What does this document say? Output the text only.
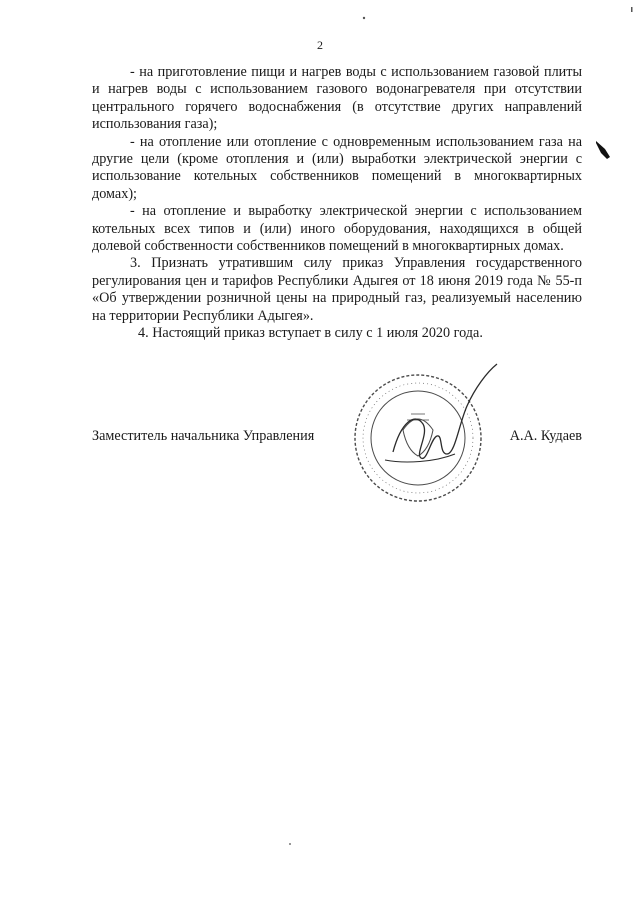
2

- на приготовление пищи и нагрев воды с использованием газовой плиты и нагрев воды с использованием газового водонагревателя при отсутствии центрального горячего водоснабжения (в отсутствие других направлений использования газа);

- на отопление или отопление с одновременным использованием газа на другие цели (кроме отопления и (или) выработки электрической энергии с использование котельных собственников помещений в многоквартирных домах);

- на отопление и выработку электрической энергии с использованием котельных всех типов и (или) иного оборудования, находящихся в общей долевой собственности собственников помещений в многоквартирных домах.

3. Признать утратившим силу приказ Управления государственного регулирования цен и тарифов Республики Адыгея от 18 июня 2019 года № 55-п «Об утверждении розничной цены на природный газ, реализуемый населению на территории Республики Адыгея».

4. Настоящий приказ вступает в силу с 1 июля 2020 года.

Заместитель начальника Управления	А.А. Кудаев
